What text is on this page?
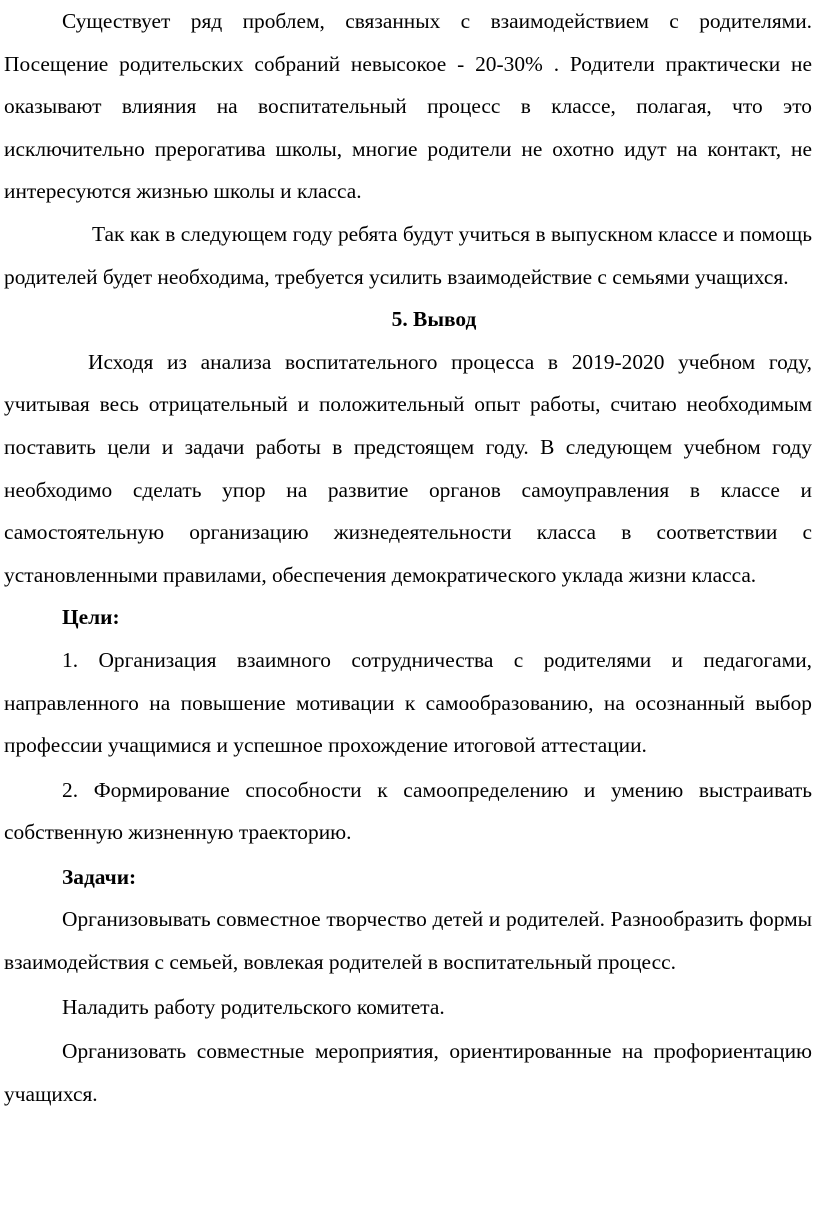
Существует ряд проблем, связанных с взаимодействием с родителями. Посещение родительских собраний невысокое - 20-30% . Родители практически не оказывают влияния на воспитательный процесс в классе, полагая, что это исключительно прерогатива школы, многие родители не охотно идут на контакт, не интересуются жизнью школы и класса.

Так как в следующем году ребята будут учиться в выпускном классе и помощь родителей будет необходима, требуется усилить взаимодействие с семьями учащихся.

5. Вывод

Исходя из анализа воспитательного процесса в 2019-2020 учебном году, учитывая весь отрицательный и положительный опыт работы, считаю необходимым поставить цели и задачи работы в предстоящем году. В следующем учебном году необходимо сделать упор на развитие органов самоуправления в классе и самостоятельную организацию жизнедеятельности класса в соответствии с установленными правилами, обеспечения демократического уклада жизни класса.

Цели:

1. Организация взаимного сотрудничества с родителями и педагогами, направленного на повышение мотивации к самообразованию, на осознанный выбор профессии учащимися и успешное прохождение итоговой аттестации.

2. Формирование способности к самоопределению и умению выстраивать собственную жизненную траекторию.

Задачи:

Организовывать совместное творчество детей и родителей. Разнообразить формы взаимодействия с семьей, вовлекая родителей в воспитательный процесс.

Наладить работу родительского комитета.

Организовать совместные мероприятия, ориентированные на профориентацию учащихся.
